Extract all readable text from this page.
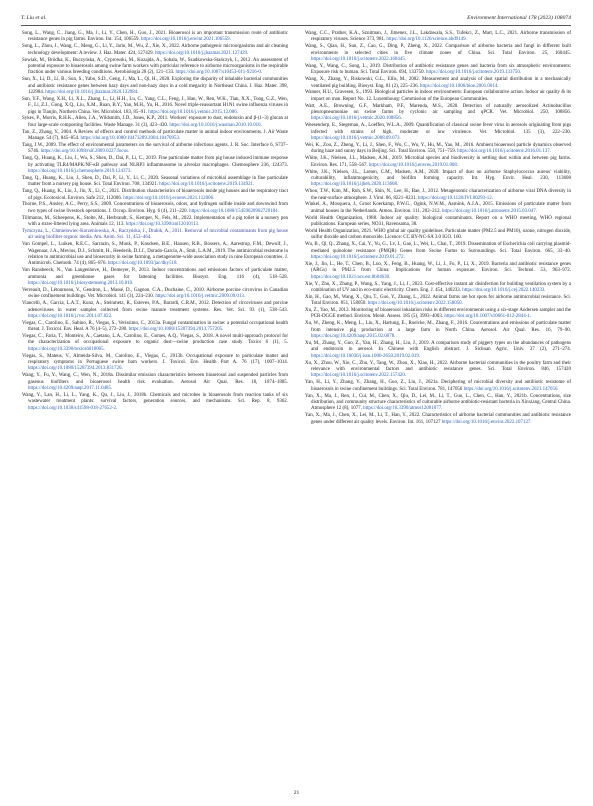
T. Liu et al.	Environment International 178 (2023) 108074

Song, L., Wang, C., Jiang, G., Ma, J., Li, Y., Chen, H., Guo, J., 2021. Bioaerosol is an important transmission route of antibiotic resistance genes in pig farms. Environ. Int. 154, 106559. https://doi.org/10.1016/j.envint.2021.106559.

Song, L., Zhou, J., Wang, C., Meng, G., Li, Y., Jarin, M., Wu, Z., Xie, X., 2022. Airborne pathogenic microorganisms and air cleaning technology development: A review. J. Haz. Mater. 424, 127429. https://doi.org/10.1016/j.jhazmat.2021.127429.

Sowiak, M., Bródka, K., Buczyńska, A., Cyprowski, M., Kozajda, A., Sobala, W., Szadkowska-Stańczyk, I., 2012. An assessment of potential exposure to bioaerosols among swine farm workers with particular reference to airborne microorganisms in the respirable fraction under various breeding conditions. Aerobiologia 28 (2), 121–133. https://doi.org/10.1007/s10453-011-9216-0.

Sun, X., Li, D., Li, B., Sun, S., Yabo, S.D., Geng, J., Ma, L., Qi, H., 2020. Exploring the disparity of inhalable bacterial communities and antibiotic resistance genes between hazy days and non-hazy days in a cold megacity in Northeast China. J. Haz. Mater. 398, 122984. https://doi.org/10.1016/j.jhazmat.2020.122984.

Sun, Y.F., Wang, X.H., Li, X.L., Zhang, L., Li, H.H., Lu, C., Yang, C.L., Feng, J., Han, W., Ren, W.K., Tian, X.X., Tong, G.Z., Wen, F., Li, Z.J., Gong, X.Q., Liu, X.M., Ruan, B.Y., Yan, M.H., Yu, H., 2016. Novel triple-reassortant H1N1 swine influenza viruses in pigs in Tianjin, Northern China. Vet. Microbiol. 183, 85–91. https://doi.org/10.1016/j.vetmic.2015.12.006.

Sykes, P., Morris, R.H.K., Allen, J.A., Wildsmith, J.D., Jones, K.P., 2011. Workers' exposure to dust, endotoxin and β-(1–3) glucan at four large-scale composting facilities. Waste Manage. 31 (3), 423–430. https://doi.org/10.1016/j.wasman.2010.10.016.

Tan, Z., Zhang, Y., 2004. A Review of effects and control methods of particulate matter in animal indoor environments. J. Air Waste Manage. 54 (7), 845–854. https://doi.org/10.1080/10473289.2004.10470953.

Tang, J.W., 2009. The effect of environmental parameters on the survival of airborne infectious agents. J. R. Soc. Interface 6, S737–S746. https://doi.org/10.1098/rsif.2009.0227.focus.

Tang, Q., Huang, K., Liu, J., Wu, S., Shen, D., Dai, P., Li, C., 2019. Fine particulate matter from pig house induced immune response by activating TLR4/MAPK/NF-κB pathway and NLRP3 inflammasome in alveolar macrophages. Chemosphere 236, 124373. https://doi.org/10.1016/j.chemosphere.2019.124373.

Tang, Q., Huang, K., Liu, J., Shen, D., Dai, P., Li, Y., Li, C., 2020. Seasonal variations of microbial assemblage in fine particulate matter from a nursery pig house. Sci. Total Environ. 708, 134921. https://doi.org/10.1016/j.scitotenv.2019.134921.

Tang, Q., Huang, K., Liu, J., Jin, X., Li, C., 2021. Distribution characteristics of bioaerosols inside pig houses and the respiratory tract of pigs. Ecotoxicol. Environ. Safe 212, 112006. https://doi.org/10.1016/j.ecoenv.2021.112006.

Thorne, P.S., Ansley, A.C., Perry, S.S., 2009. Concentrations of bioaerosols, odors, and hydrogen sulfide inside and downwind from two types of swine livestock operations. J. Occup. Environ. Hyg. 6 (4), 211–220. https://doi.org/10.1080/15459620902729184.

Tillmanns, M., Scheepens, K., Stolte, M., Herbrandt, S., Kemper, N., Fels, M., 2022. Implementation of a pig toilet in a nursery pen with a straw-littered lying area. Animals 12, 113. https://doi.org/10.3390/ani12010113.

Tymczyna, L., Chmielowiec-Korzeniowska, A., Raczyńska, J., Drabik, A., 2011. Removal of microbial contaminants from pig house air using biofilter organic media. Am. Anim. Sci. 11, 453–464.

Van Gompel, L., Luiken, R.E.C., Sarrazin, S., Munk, P., Knudsen, B.E., Hansen, R.B., Bossers, A., Aarestrup, F.M., Dewulf, J., Wagenaar, J.A., Mevius, D.J., Schmitt, H., Heederik, D.J.J., Dorado-García, A., Smit, L.A.M., 2019. The antimicrobial resistome in relation to antimicrobial use and biosecurity in swine farming, a metagenome-wide association study in nine European countries. J. Antimicrob. Chemoth. 74 (4), 865–876. https://doi.org/10.1093/jac/dky518.

Van Ransbeeck, N., Van Langenhove, H., Demeyer, P., 2013. Indoor concentrations and emissions factors of particulate matter, ammonia and greenhouse gases for fattening facilities. Biosyst. Eng. 116 (4), 518–528. https://doi.org/10.1016/j.biosystemseng.2013.10.010.

Verreault, D., Létourneau, V., Gendron, L., Massé, D., Gagnon, C.A., Duchaine, C., 2010. Airborne porcine circovirus in Canadian swine confinement buildings. Vet. Microbiol. 141 (3), 224–230. https://doi.org/10.1016/j.vetmic.2009.09.013.

Viancelli, A., Garcia, L.A.T., Kunz, A., Steinmetz, R., Esteves, P.A., Barardi, C.R.M., 2012. Detection of circoviruses and porcine adenoviruses in water samples collected from swine manure treatment systems. Res. Vet. Sci. 93 (1), 538–543. https://doi.org/10.1016/j.rvsc.2011.07.022.

Viegas, C., Carolino, E., Sabino, R., Viegas, S., Veríssimo, C., 2013a. Fungal contamination in swine: a potential occupational health threat. J. Toxicol. Env. Heal. A 76 (4–5), 272–280. https://doi.org/10.1080/15287394.2013.757205.

Viegas, C., Faria, T., Monteiro, A., Caetano, L.A., Carolino, E., Gomes, A.Q., Viegas, S., 2018. A novel multi-approach protocol for the characterization of occupational exposure to organic dust—swine production case study. Toxics 6 (1), 5. https://doi.org/10.3390/toxics6010005.

Viegas, S., Mateus, V., Almeida-Silva, M., Carolino, E., Viegas, C., 2013b. Occupational exposure to particulate matter and respiratory symptoms in Portuguese swine barn workers. J. Toxicol. Env. Health Part A. 76 (17), 1007–1014. https://doi.org/10.1080/15287394.2013.831720.

Wang, Y., Fu, Y., Wang, C., Wen, N., 2018a. Dissimilar emission characteristics between bioaerosol and suspended particles from gaseous biofilters and bioaerosol health risk evaluation. Aerosol Air Qual. Res. 18, 1874–1885. https://doi.org/10.4209/aaqr.2017.11.0485.

Wang, Y., Lan, H., Li, L., Yang, K., Qu, J., Liu, J., 2018b. Chemicals and microbes in bioaerosols from reaction tanks of six wastewater treatment plants: survival factors, generation sources, and mechanisms. Sci. Rep. 8, 9362. https://doi.org/10.1038/s41598-018-27652-2.

Wang, C.C., Prather, K.A., Sznitman, J., Jimenez, J.L., Lakdawala, S.S., Tufekci, Z., Marr, L.C., 2021. Airborne transmission of respiratory viruses. Science 373, 981. https://doi.org/10.1126/science.abd9149.

Wang, S., Qian, H., Sun, Z., Cao, G., Ding, P., Zheng, X., 2022. Comparison of airborne bacteria and fungi in different built environments in selected cities in five climate zones of China. Sci. Total Environ. 25, 160445. https://doi.org/10.1016/j.scitotenv.2022.160445.

Wang, Y., Wang, C., Song, L., 2019. Distribution of antibiotic resistance genes and bacteria from six atmospheric environments: Exposure risk to human. Sci. Total Environ. 694, 133750. https://doi.org/10.1016/j.scitotenv.2019.133750.

Wang, X., Zhang, Y., Riskowski, G.L., Ellis, M., 2002. Measurement and analysis of dust spatial distribution in a mechanically ventilated pig building. Biosyst. Eng. 81 (2), 225–236. https://doi.org/10.1006/bioe.2001.0014.

Wanner, H.U., Gravesen, S., 1993. Biological particles in indoor environments: European collaborative action. Indoor air quality & its impact on man. Report No. 12. Luxembourg: Commission of the European Communities.

Watt, A.E., Browning, G.F., Markham, P.F., Marenda, M.S., 2020. Detection of naturally aerosolized Actinobacillus pleuropneumoniae on swine farms by cyclonic air sampling and qPCR. Vet. Microbiol. 250, 108856. https://doi.org/10.1016/j.vetmic.2020.108856.

Weesendorp, E., Stegeman, A., Loeffen, W.L.A., 2009. Quantification of classical swine fever virus in aerosols originating from pigs infected with strains of high, moderate or low virulence. Vet. Microbiol. 135 (3), 222–230. https://doi.org/10.1016/j.vetmic.2008.09.073.

Wei, K., Zou, Z., Zheng, Y., Li, J., Shen, F., Wu, C., Wu, Y., Hu, M., Yao, M., 2016. Ambient bioaerosol particle dynamics observed during haze and sunny days in Beijing. Sci. Total Environ. 550, 751–759. https://doi.org/10.1016/j.scitotenv.2016.01.137.

White, J.K., Nielsen, J.L., Madsen, A.M., 2019. Microbial species and biodiversity in settling dust within and between pig farms. Environ. Res. 171, 558–567. https://doi.org/10.1016/j.envres.2019.01.008.

White, J.K., Nielsen, J.L., Larsen, C.M., Madsen, A.M., 2020. Impact of dust on airborne Staphylococcus aureus' viability, culturability, inflammogenicity, and biofilm forming capacity. Int. Hyg. Envir. Heal. 230, 113608 https://doi.org/10.1016/j.ijheh.2020.113608.

Whon, T.W., Kim, M., Roh, S.W., Shin, N., Lee, H., Bae, J., 2012. Metagenomic characterization of airborne viral DNA diversity in the near-surface atmosphere. J. Virol. 86, 8221–8231. https://doi.org/10.1128/JVI.00293-12.

Winkel, A., Mosquera, J., Groot Koerkamp, P.W.G., Ogink, N.W.M., Aarnink, A.J.A., 2015. Emissions of particulate matter from animal houses in the Netherlands. Atmos. Environ. 111, 202–212. https://doi.org/10.1016/j.atmosenv.2015.03.047.

World Health Organization, 1988. Indoor air quality: biological contaminants. Report on a WHO meeting, WHO regional publications. European series, NO31, Ravensama, 38.

World Health Organization, 2021. WHO global air quality guidelines. Particulate matter (PM2.5 and PM10), ozone, nitrogen dioxide, sulfur dioxide and carbon monoxide. Licence: CC BY-NC-SA 3.0 IGO. 160.

Wu, B., Qi, Q., Zhang, X., Cai, Y., Yu, G., Lv, J., Gao, L., Wei, L., Chai, T., 2019. Dissemination of Escherichia coli carrying plasmid-mediated quinolone resistance (PMQR) Genes from Swine Farms to Surroundings. Sci. Total Environ. 665, 33–40. https://doi.org/10.1016/j.scitotenv.2019.01.272.

Xie, J., Jin, L., He, T., Chen, B., Luo, X., Feng, B., Huang, W., Li, J., Fu, P., Li, X., 2019. Bacteria and antibiotic resistance genes (ARGs) in PM2.5 from China: Implications for human exposure. Environ. Sci. Technol. 53, 963–972. https://doi.org/10.1021/acs.est.8b04630.

Xie, Y., Zhu, X., Zhang, P., Wang, S., Yang, J., Li, J., 2023. Cost-effective instant air disinfection for building ventilation system by a combination of UV and in eco-static electricity. Chem. Eng. J. 454, 140233. https://doi.org/10.1016/j.cej.2022.140233.

Xin, H., Gao, M., Wang, X., Qiu, T., Guo, Y., Zhang, L., 2022. Animal farms are hot spots for airborne antimicrobial resistance. Sci. Total Environ. 851, 158050. https://doi.org/10.1016/j.scitotenv.2022.158050.

Xu, Z., Yao, M., 2013. Monitoring of bioaerosol inhalation risks in different environments using a six-stage Andersen sampler and the PCR-DGGE method. Environ. Monit. Assess. 185 (5), 3993–4003. https://doi.org/10.1007/s10661-012-2844-1.

Xu, W., Zheng, K., Meng, L., Liu, X., Hartung, E., Roelcke, M., Zhang, F., 2016. Concentrations and emissions of particulate matter from intensive pig production at a large farm in North China. Aerosol. Air Qual. Res. 16, 79–90. https://doi.org/10.4209/aaqr.2015.02.0078.

Xu, M., Zhang, Y., Guo, Z., Yan, H., Zhang, H., Liu, J., 2019. A comparison study of piggery types on the abundances of pathogens and endotoxin in aerosol. In Chinese with English abstract. J. Sichuan Agric. Univ. 37 (2), 271–274. https://doi.org/10.16036/j.issn.1000-2650.2019.02.019.

Xu, X., Zhou, W., Xie, C., Zhu, Y., Tang, W., Zhou, X., Xiao, H., 2022. Airborne bacterial communities in the poultry farm and their relevance with environmental factors and antibiotic resistance genes. Sci. Total Environ. 846, 157420 https://doi.org/10.1016/j.scitotenv.2022.157420.

Yan, H., Li, Y., Zhang, Y., Zhang, H., Guo, Z., Liu, J., 2021a. Deciphering of microbial diversity and antibiotic resistome of bioaerosols in swine confinement buildings. Sci. Total Environ. 781, 147056 https://doi.org/10.1016/j.scitotenv.2021.147056.

Yan, X., Ma, J., Ren, J., Cui, M., Chen, X., Qiu, D., Lei, M., Li, T., Guo, L., Chen, C., Han, Y., 2021b. Concentrations, size distribution, and community structure characteristics of culturable airborne antibiotic-resistant bacteria in Xinxiang, Central China. Atmosphere 12 (8), 1077. https://doi.org/10.3390/atmos12081077.

Yan, X., Ma, J., Chen, X., Lei, M., Li, T., Han, Y., 2022. Characteristics of airborne bacterial communities and antibiotic resistance genes under different air quality levels. Environ. Int. 161, 107127 https://doi.org/10.1016/j.envint.2022.107127.

21
